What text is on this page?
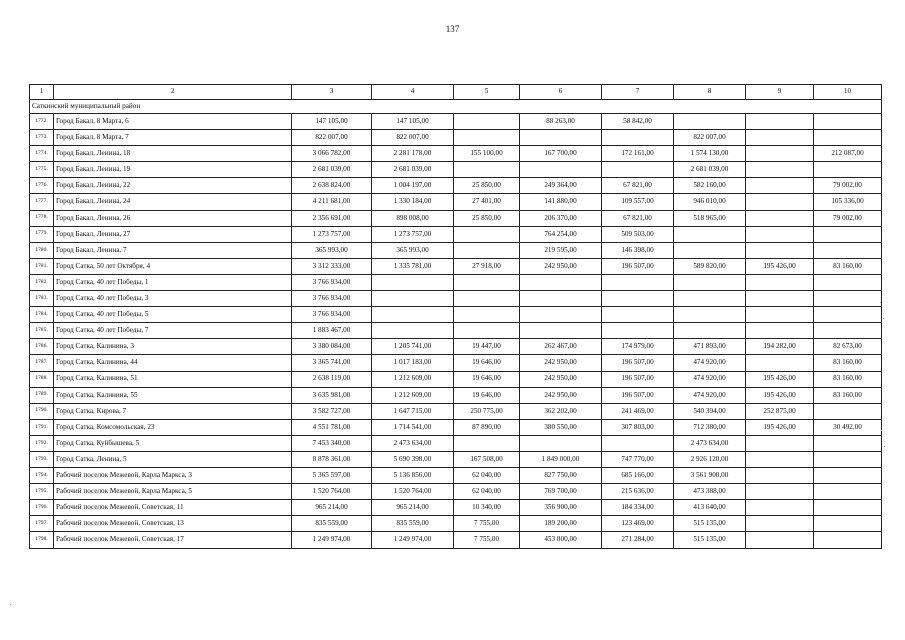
137
1	2	3	4	5	6	7	8	9	10
Саткинский муниципальный район									
1772.	Город Бакал, 8 Марта, 6	147 105,00	147 105,00		88 263,00	58 842,00			
1773.	Город Бакал, 8 Марта, 7	822 007,00	822 007,00				822 007,00		
1774.	Город Бакал, Ленина, 18	3 066 782,00	2 281 178,00	155 100,00	167 700,00	172 161,00	1 574 130,00		212 087,00
1775.	Город Бакал, Ленина, 19	2 681 039,00	2 681 039,00				2 681 039,00		
1776.	Город Бакал, Ленина, 22	2 638 824,00	1 004 197,00	25 850,00	249 364,00	67 821,00	582 160,00		79 002,00
1777.	Город Бакал, Ленина, 24	4 211 681,00	1 330 184,00	27 401,00	141 880,00	109 557,00	946 010,00		105 336,00
1778.	Город Бакал, Ленина, 26	2 356 691,00	898 008,00	25 850,00	206 370,00	67 821,00	518 965,00		79 002,00
1779.	Город Бакал, Ленина, 27	1 273 757,00	1 273 757,00		764 254,00	509 503,00			
1780.	Город Бакал, Ленина, 7	365 993,00	365 993,00		219 595,00	146 398,00			
1781.	Город Сатка, 50 лет Октября, 4	3 312 333,00	1 335 781,00	27 918,00	242 950,00	196 507,00	589 820,00	195 426,00	83 160,00
1782.	Город Сатка, 40 лет Победы, 1	3 766 934,00							
1783.	Город Сатка, 40 лет Победы, 3	3 766 934,00							
1784.	Город Сатка, 40 лет Победы, 5	3 766 934,00							
1785.	Город Сатка, 40 лет Победы, 7	1 883 467,00							
1786.	Город Сатка, Калинина, 3	3 380 084,00	1 205 741,00	19 447,00	262 467,00	174 979,00	471 893,00	194 282,00	82 673,00
1787.	Город Сатка, Калинина, 44	3 365 741,00	1 017 183,00	19 646,00	242 950,00	196 507,00	474 920,00		83 160,00
1788.	Город Сатка, Калинина, 51	2 638 119,00	1 212 609,00	19 646,00	242 950,00	196 507,00	474 920,00	195 426,00	83 160,00
1789.	Город Сатка, Калинина, 55	3 635 981,00	1 212 609,00	19 646,00	242 950,00	196 507,00	474 920,00	195 426,00	83 160,00
1790.	Город Сатка, Кирова, 7	3 582 727,00	1 647 715,00	250 775,00	362 202,00	241 469,00	540 394,00	252 875,00	
1791.	Город Сатка, Комсомольская, 23	4 551 781,00	1 714 541,00	87 890,00	380 550,00	307 803,00	712 380,00	195 426,00	30 492,00
1792.	Город Сатка, Куйбышева, 5	7 453 340,00	2 473 634,00				2 473 634,00		
1793.	Город Сатка, Ленина, 5	8 878 361,00	5 690 398,00	167 508,00	1 849 000,00	747 770,00	2 926 120,00		
1794.	Рабочий поселок Межевой, Карла Маркса, 3	5 365 597,00	5 136 856,00	62 040,00	827 750,00	685 166,00	3 561 900,00		
1795.	Рабочий поселок Межевой, Карла Маркса, 5	1 520 764,00	1 520 764,00	62 040,00	769 700,00	215 636,00	473 388,00		
1796.	Рабочий поселок Межевой, Советская, 11	965 214,00	965 214,00	10 340,00	356 900,00	184 334,00	413 640,00		
1797.	Рабочий поселок Межевой, Советская, 13	835 559,00	835 559,00	7 755,00	189 200,00	123 469,00	515 135,00		
1798.	Рабочий поселок Межевой, Советская, 17	1 249 974,00	1 249 974,00	7 755,00	453 800,00	271 284,00	515 135,00		
